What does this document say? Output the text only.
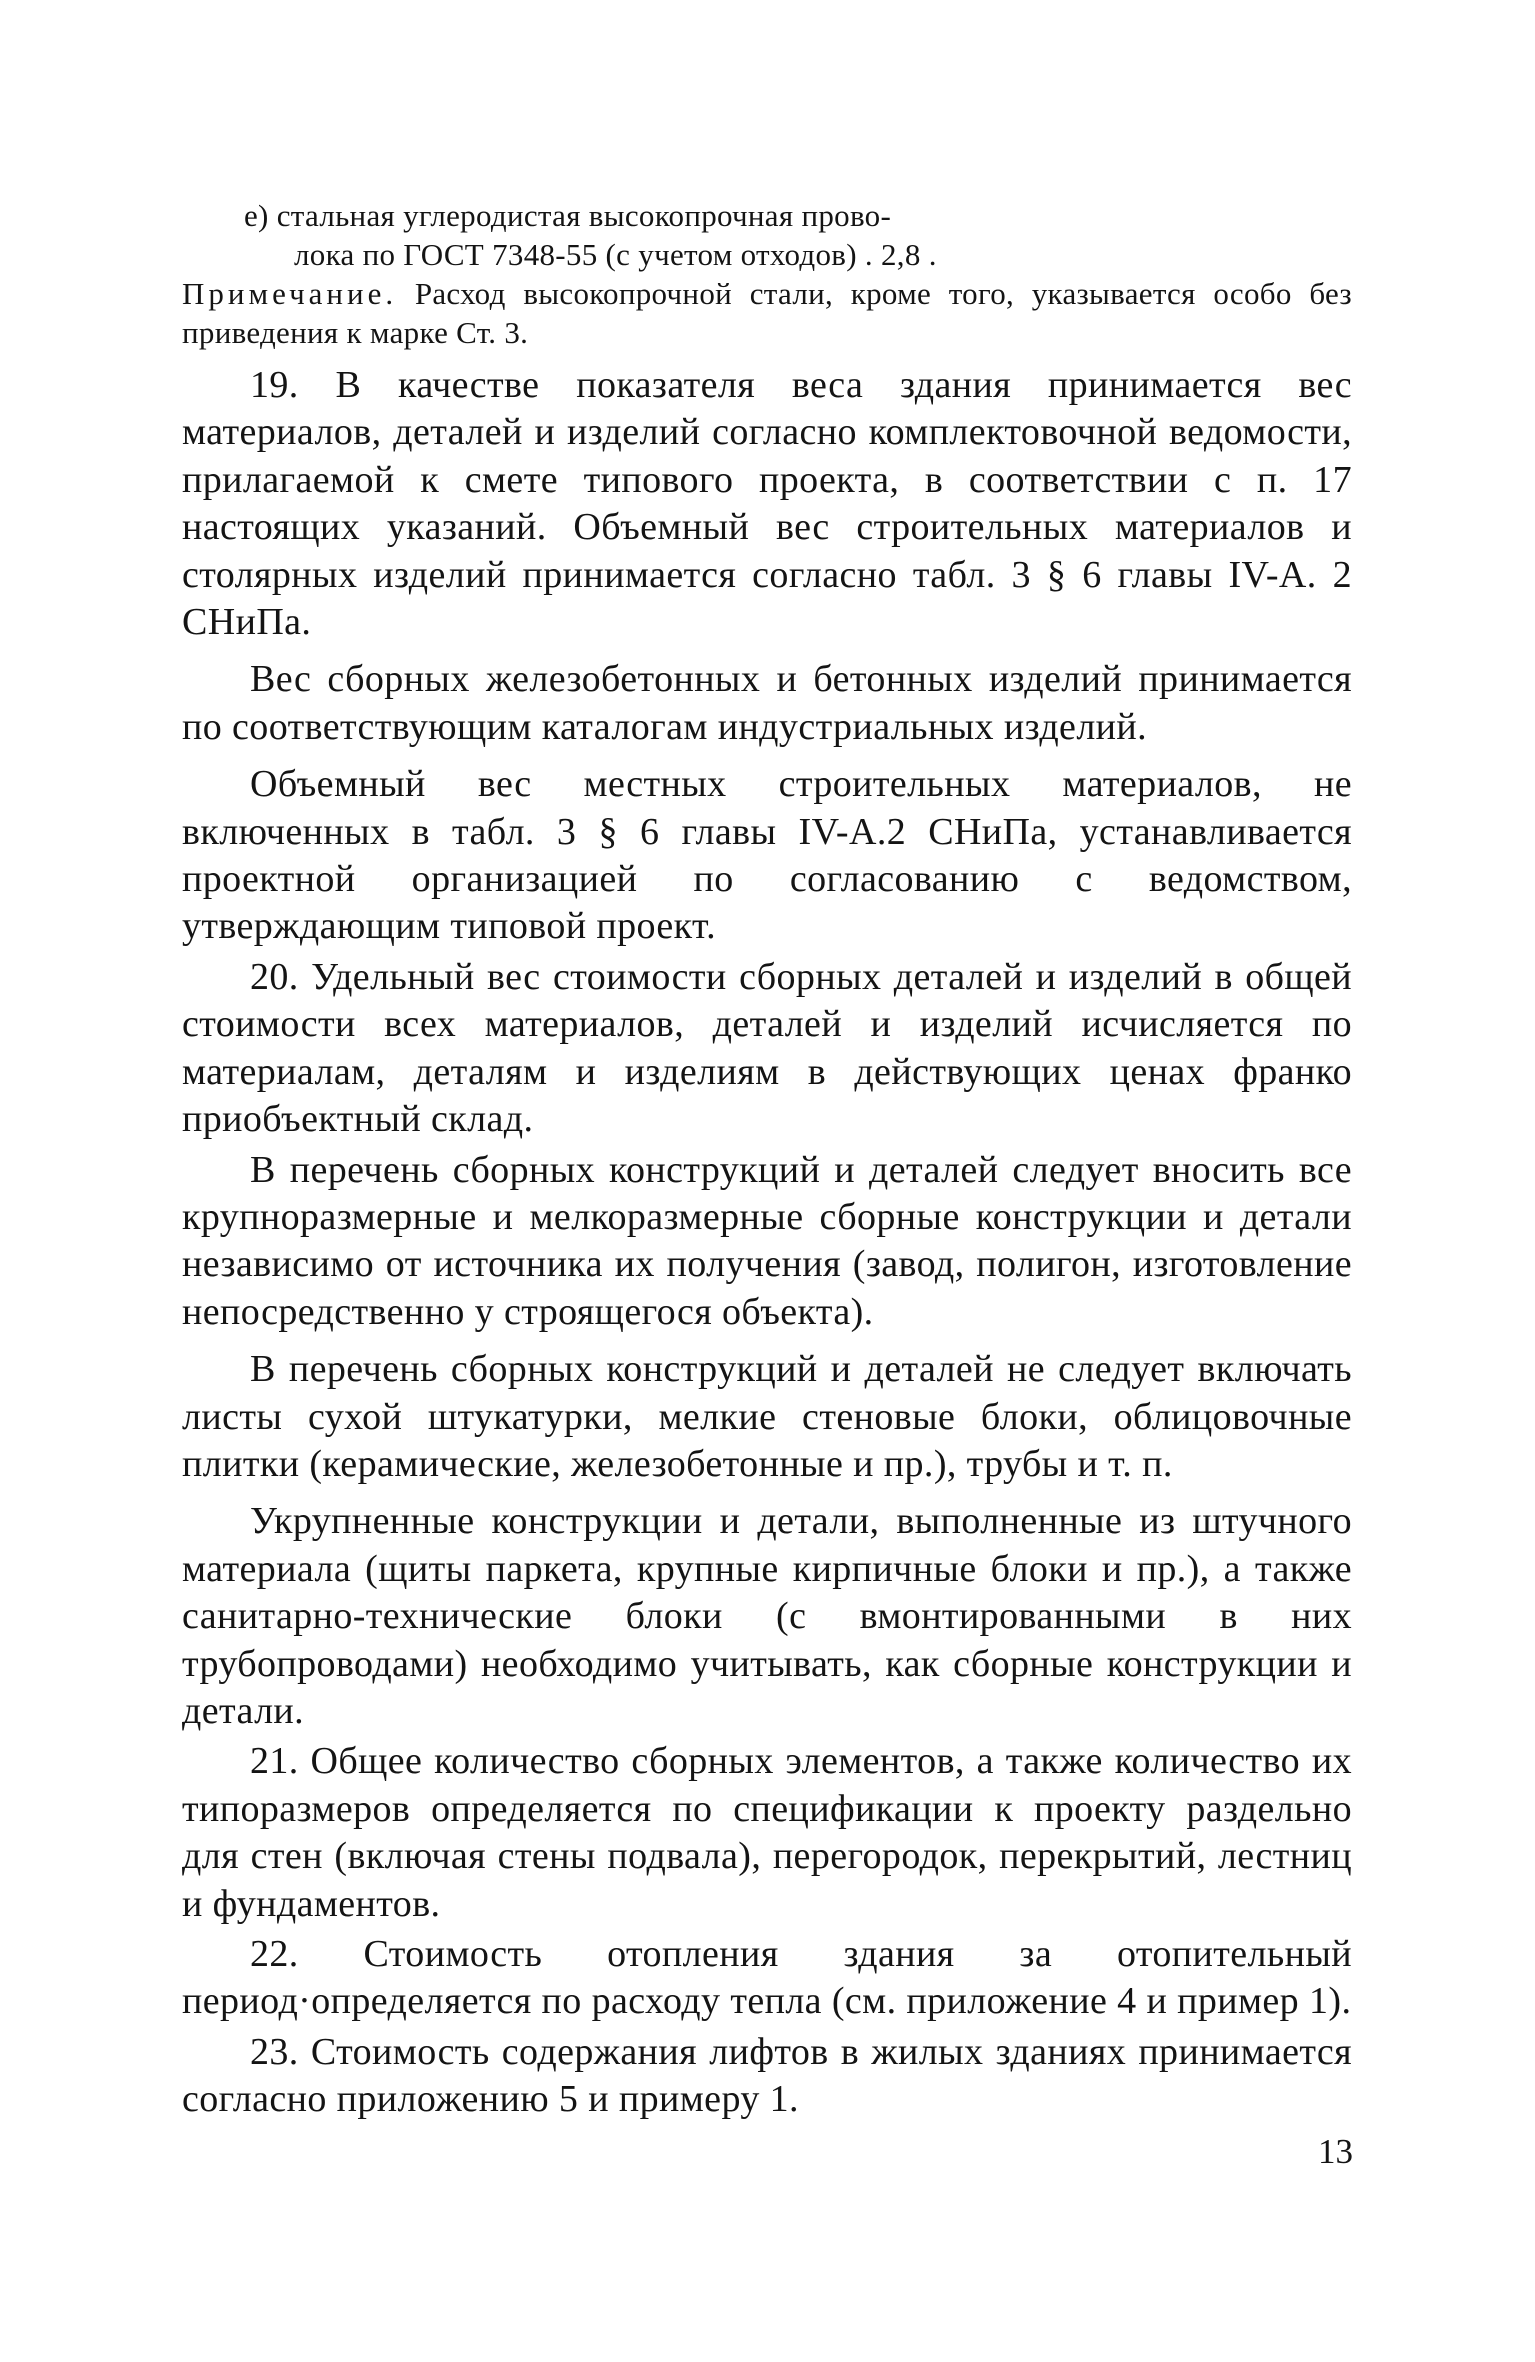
е) стальная углеродистая высокопрочная прово-
лока по ГОСТ 7348-55 (с учетом отходов) . 2,8 .

Примечание. Расход высокопрочной стали, кроме того, указывается особо без приведения к марке Ст. 3.

19. В качестве показателя веса здания принимается вес материалов, деталей и изделий согласно комплектовочной ведомости, прилагаемой к смете типового проекта, в соответствии с п. 17 настоящих указаний. Объемный вес строительных материалов и столярных изделий принимается согласно табл. 3 § 6 главы IV-А. 2 СНиПа.

Вес сборных железобетонных и бетонных изделий принимается по соответствующим каталогам индустриальных изделий.

Объемный вес местных строительных материалов, не включенных в табл. 3 § 6 главы IV-А.2 СНиПа, устанавливается проектной организацией по согласованию с ведомством, утверждающим типовой проект.

20. Удельный вес стоимости сборных деталей и изделий в общей стоимости всех материалов, деталей и изделий исчисляется по материалам, деталям и изделиям в действующих ценах франко приобъектный склад.

В перечень сборных конструкций и деталей следует вносить все крупноразмерные и мелкоразмерные сборные конструкции и детали независимо от источника их получения (завод, полигон, изготовление непосредственно у строящегося объекта).

В перечень сборных конструкций и деталей не следует включать листы сухой штукатурки, мелкие стеновые блоки, облицовочные плитки (керамические, железобетонные и пр.), трубы и т. п.

Укрупненные конструкции и детали, выполненные из штучного материала (щиты паркета, крупные кирпичные блоки и пр.), а также санитарно-технические блоки (с вмонтированными в них трубопроводами) необходимо учитывать, как сборные конструкции и детали.

21. Общее количество сборных элементов, а также количество их типоразмеров определяется по спецификации к проекту раздельно для стен (включая стены подвала), перегородок, перекрытий, лестниц и фундаментов.

22. Стоимость отопления здания за отопительный период·определяется по расходу тепла (см. приложение 4 и пример 1).

23. Стоимость содержания лифтов в жилых зданиях принимается согласно приложению 5 и примеру 1.

13
